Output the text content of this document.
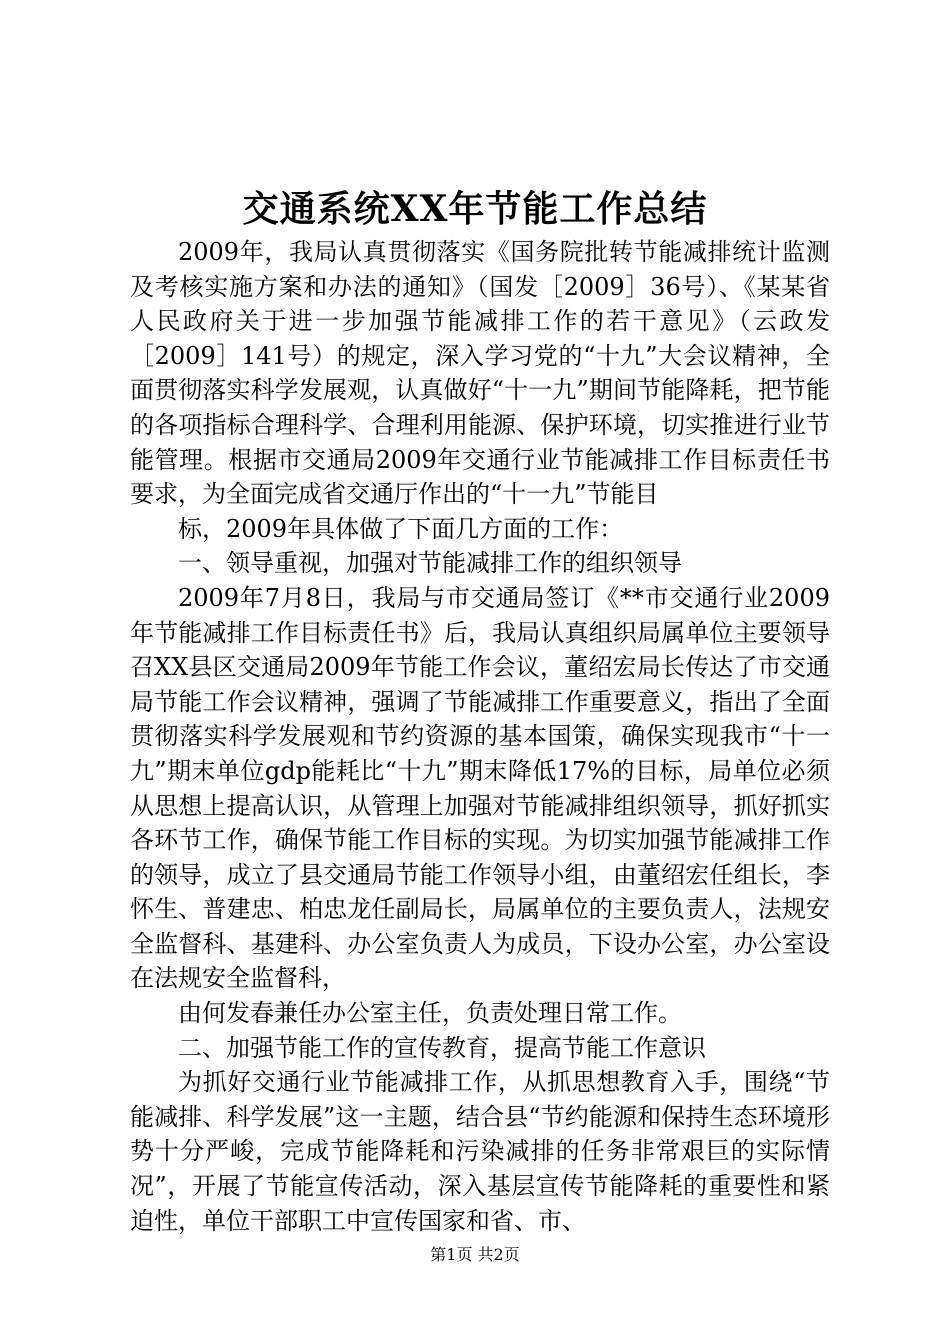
交通系统XX年节能工作总结

2009年，我局认真贯彻落实《国务院批转节能减排统计监测及考核实施方案和办法的通知》（国发［2009］36号）、《某某省人民政府关于进一步加强节能减排工作的若干意见》（云政发［2009］141号）的规定，深入学习党的“十九”大会议精神，全面贯彻落实科学发展观，认真做好“十一九”期间节能降耗，把节能的各项指标合理科学、合理利用能源、保护环境，切实推进行业节能管理。根据市交通局2009年交通行业节能减排工作目标责任书要求，为全面完成省交通厅作出的“十一九”节能目

标，2009年具体做了下面几方面的工作：

一、领导重视，加强对节能减排工作的组织领导

2009年7月8日，我局与市交通局签订《**市交通行业2009年节能减排工作目标责任书》后，我局认真组织局属单位主要领导召XX县区交通局2009年节能工作会议，董绍宏局长传达了市交通局节能工作会议精神，强调了节能减排工作重要意义，指出了全面贯彻落实科学发展观和节约资源的基本国策，确保实现我市“十一九”期末单位gdp能耗比“十九”期末降低17%的目标，局单位必须从思想上提高认识，从管理上加强对节能减排组织领导，抓好抓实各环节工作，确保节能工作目标的实现。为切实加强节能减排工作的领导，成立了县交通局节能工作领导小组，由董绍宏任组长，李怀生、普建忠、柏忠龙任副局长，局属单位的主要负责人，法规安全监督科、基建科、办公室负责人为成员，下设办公室，办公室设在法规安全监督科，

由何发春兼任办公室主任，负责处理日常工作。

二、加强节能工作的宣传教育，提高节能工作意识

为抓好交通行业节能减排工作，从抓思想教育入手，围绕“节能减排、科学发展”这一主题，结合县“节约能源和保持生态环境形势十分严峻，完成节能降耗和污染减排的任务非常艰巨的实际情况”，开展了节能宣传活动，深入基层宣传节能降耗的重要性和紧迫性，单位干部职工中宣传国家和省、市、

第1页 共2页
